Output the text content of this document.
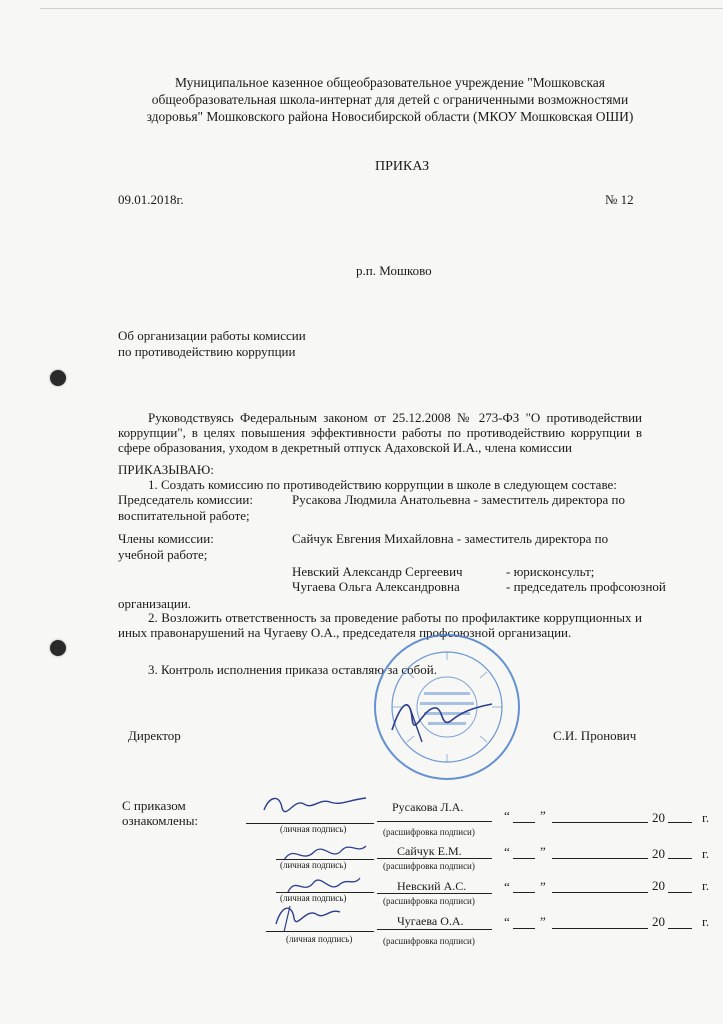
Муниципальное казенное общеобразовательное учреждение "Мошковская
общеобразовательная школа-интернат для детей с ограниченными возможностями
здоровья" Мошковского района Новосибирской области (МКОУ Мошковская ОШИ)
ПРИКАЗ
09.01.2018г.	№ 12
р.п. Мошково
Об организации работы комиссии
по противодействию коррупции
Руководствуясь Федеральным законом от 25.12.2008 № 273-ФЗ "О противодействии коррупции", в целях повышения эффективности работы по противодействию коррупции в сфере образования, уходом в декретный отпуск Адаховской И.А., члена комиссии
ПРИКАЗЫВАЮ:
1. Создать комиссию по противодействию коррупции в школе в следующем составе:
Председатель комиссии:	Русакова Людмила Анатольевна - заместитель директора по
воспитательной работе;
Члены комиссии:	Сайчук Евгения Михайловна - заместитель директора по
учебной работе;
Невский Александр Сергеевич	- юрисконсульт;
Чугаева Ольга Александровна	- председатель профсоюзной
организации.
2. Возложить ответственность за проведение работы по профилактике коррупционных и иных правонарушений на Чугаеву О.А., председателя профсоюзной организации.
3. Контроль исполнения приказа оставляю за собой.
Директор	С.И. Пронович
С приказом
ознакомлены:
(личная подпись)
Русакова Л.А.
(расшифровка подписи)
“ ”	20	г.
(личная подпись)
Сайчук Е.М.
(расшифровка подписи)
“ ”	20	г.
(личная подпись)
Невский А.С.
(расшифровка подписи)
“ ”	20	г.
(личная подпись)
Чугаева О.А.
(расшифровка подписи)
“ ”	20	г.
